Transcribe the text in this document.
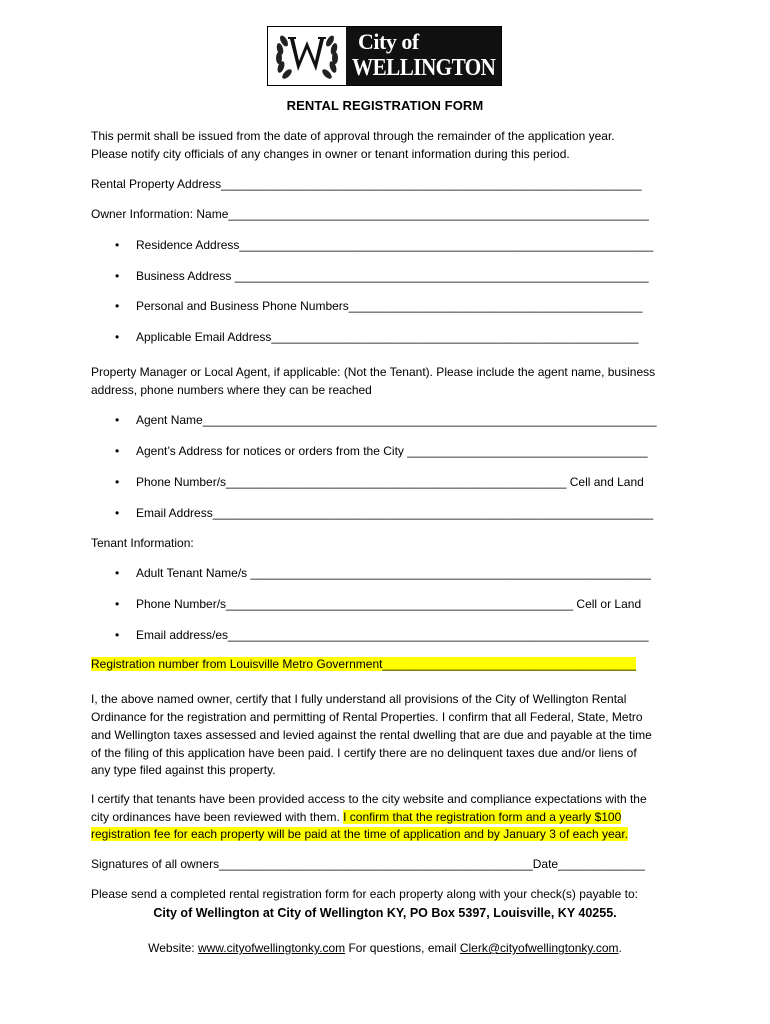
City of
WELLINGTON
RENTAL REGISTRATION FORM
This permit shall be issued from the date of approval through the remainder of the application year.
Please notify city officials of any changes in owner or tenant information during this period.
Rental Property Address_______________________________________________________________
Owner Information: Name_______________________________________________________________
• Residence Address______________________________________________________________
• Business Address ______________________________________________________________
• Personal and Business Phone Numbers____________________________________________
• Applicable Email Address_______________________________________________________
Property Manager or Local Agent, if applicable: (Not the Tenant). Please include the agent name, business
address, phone numbers where they can be reached
• Agent Name____________________________________________________________________
• Agent’s Address for notices or orders from the City ____________________________________
• Phone Number/s___________________________________________________ Cell and Land
• Email Address__________________________________________________________________
Tenant Information:
• Adult Tenant Name/s ____________________________________________________________
• Phone Number/s____________________________________________________ Cell or Land
• Email address/es_______________________________________________________________
Registration number from Louisville Metro Government______________________________________
I, the above named owner, certify that I fully understand all provisions of the City of Wellington Rental
Ordinance for the registration and permitting of Rental Properties. I confirm that all Federal, State, Metro
and Wellington taxes assessed and levied against the rental dwelling that are due and payable at the time
of the filing of this application have been paid. I certify there are no delinquent taxes due and/or liens of
any type filed against this property.
I certify that tenants have been provided access to the city website and compliance expectations with the
city ordinances have been reviewed with them. I confirm that the registration form and a yearly $100
registration fee for each property will be paid at the time of application and by January 3 of each year.
Signatures of all owners_______________________________________________Date_____________
Please send a completed rental registration form for each property along with your check(s) payable to:
City of Wellington at City of Wellington KY, PO Box 5397, Louisville, KY 40255.
Website: www.cityofwellingtonky.com For questions, email Clerk@cityofwellingtonky.com.
